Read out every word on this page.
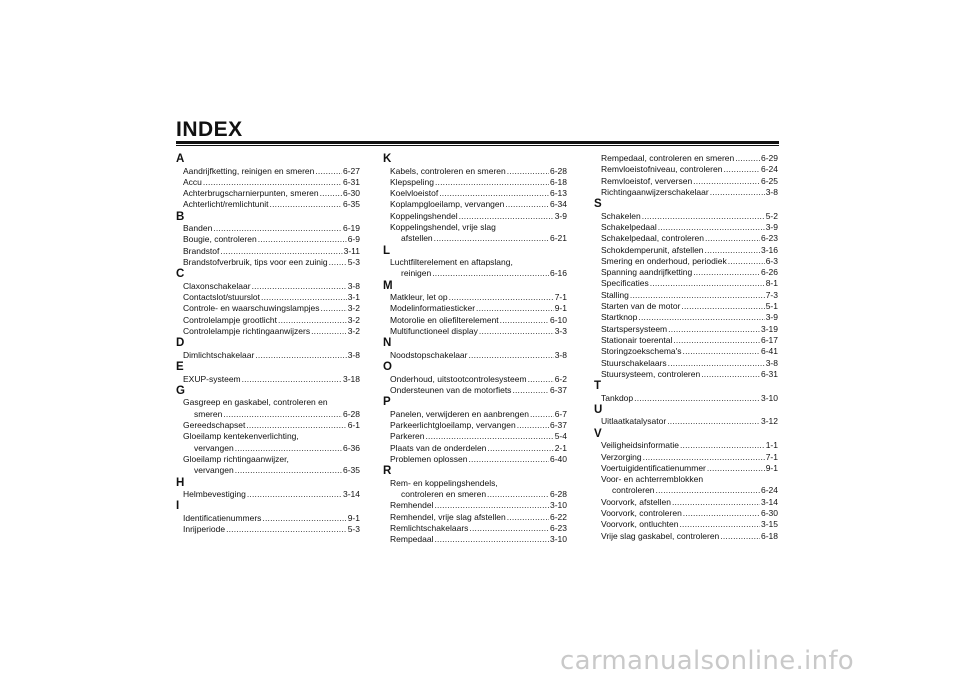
INDEX
A
Aandrijfketting, reinigen en smeren .....	6-27
Accu .....	6-31
Achterbrugscharnierpunten, smeren .....	6-30
Achterlicht/remlichtunit .....	6-35
B
Banden .....	6-19
Bougie, controleren .....	6-9
Brandstof .....	3-11
Brandstofverbruik, tips voor een zuinig ..... 5-3
C
Claxonschakelaar .....	3-8
Contactslot/stuurslot .....	3-1
Controle- en waarschuwingslampjes .....	3-2
Controlelampje grootlicht .....	3-2
Controlelampje richtingaanwijzers .....	3-2
D
Dimlichtschakelaar .....	3-8
E
EXUP-systeem .....	3-18
G
Gasgreep en gaskabel, controleren en
smeren .....	6-28
Gereedschapset .....	6-1
Gloeilamp kentekenverlichting,
vervangen .....	6-36
Gloeilamp richtingaanwijzer,
vervangen .....	6-35
H
Helmbevestiging .....	3-14
I
Identificatienummers .....	9-1
Inrijperiode .....	5-3
K
Kabels, controleren en smeren .....	6-28
Klepspeling .....	6-18
Koelvloeistof .....	6-13
Koplampgloeilamp, vervangen .....	6-34
Koppelingshendel .....	3-9
Koppelingshendel, vrije slag
afstellen .....	6-21
L
Luchtfilterelement en aftapslang,
reinigen .....	6-16
M
Matkleur, let op .....	7-1
Modelinformatiesticker .....	9-1
Motorolie en oliefilterelement .....	6-10
Multifunctioneel display .....	3-3
N
Noodstopschakelaar .....	3-8
O
Onderhoud, uitstootcontrolesysteem .....	6-2
Ondersteunen van de motorfiets .....	6-37
P
Panelen, verwijderen en aanbrengen .....	6-7
Parkeerlichtgloeilamp, vervangen .....	6-37
Parkeren .....	5-4
Plaats van de onderdelen .....	2-1
Problemen oplossen .....	6-40
R
Rem- en koppelingshendels,
controleren en smeren .....	6-28
Remhendel .....	3-10
Remhendel, vrije slag afstellen .....	6-22
Remlichtschakelaars .....	6-23
Rempedaal .....	3-10
Rempedaal, controleren en smeren .....	6-29
Remvloeistofniveau, controleren .....	6-24
Remvloeistof, verversen .....	6-25
Richtingaanwijzerschakelaar .....	3-8
S
Schakelen .....	5-2
Schakelpedaal .....	3-9
Schakelpedaal, controleren .....	6-23
Schokdemperunit, afstellen .....	3-16
Smering en onderhoud, periodiek .....	6-3
Spanning aandrijfketting .....	6-26
Specificaties .....	8-1
Stalling .....	7-3
Starten van de motor .....	5-1
Startknop .....	3-9
Startspersysteem .....	3-19
Stationair toerental .....	6-17
Storingzoekschema's .....	6-41
Stuurschakelaars .....	3-8
Stuursysteem, controleren .....	6-31
T
Tankdop .....	3-10
U
Uitlaatkatalysator .....	3-12
V
Veiligheidsinformatie .....	1-1
Verzorging .....	7-1
Voertuigidentificatienummer .....	9-1
Voor- en achterremblokken
controleren .....	6-24
Voorvork, afstellen .....	3-14
Voorvork, controleren .....	6-30
Voorvork, ontluchten .....	3-15
Vrije slag gaskabel, controleren .....	6-18
carmanualsonline.info
